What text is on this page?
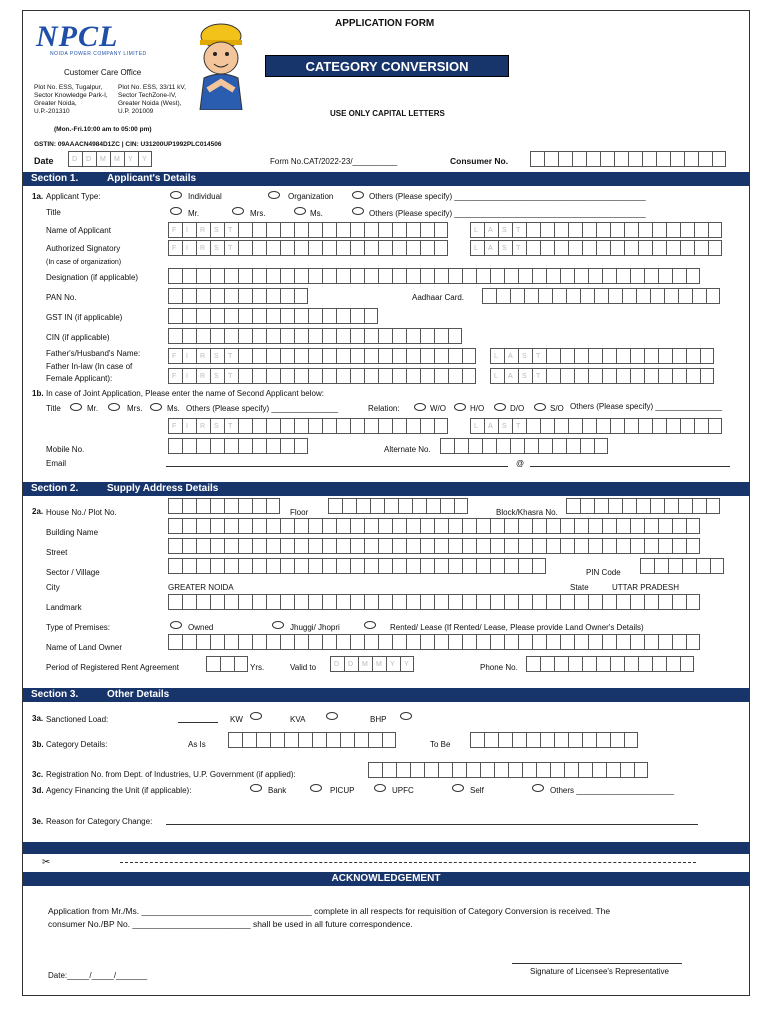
NPCL
NOIDA POWER COMPANY LIMITED
APPLICATION FORM
CATEGORY CONVERSION
Customer Care Office
Plot No. ESS, Tugalpur,
Sector Knowledge Park-I,
Greater Noida,
U.P.-201310
Plot No. ESS, 33/11 kV,
Sector TechZone-IV,
Greater Noida (West),
U.P. 201009	USE ONLY CAPITAL LETTERS
(Mon.-Fri.10:00 am to 05:00 pm)
GSTIN: 09AAACN4984D1ZC | CIN: U31200UP1992PLC014506
Date	D	D	M	M	Y	Y	Form No.CAT/2022-23/__________	Consumer No.
Section 1.	Applicant's Details
1a. Applicant Type:	Individual	Organization	Others (Please specify) ___________________________________________
Title	Mr.	Mrs.	Ms.	Others (Please specify) ___________________________________________
Name of Applicant	F	I	R	S	T	L	A	S	T
Authorized Signatory	F	I	R	S	T	L	A	S	T
(In case of organization)
Designation (if applicable)
PAN No.	Aadhaar Card.
GST IN (if applicable)
CIN (if applicable)
Father's/Husband's Name:	F	I	R	S	T	L	A	S	T
Father In-law (In case of
Female Applicant):	F	I	R	S	T	L	A	S	T
1b. In case of Joint Application, Please enter the name of Second Applicant below:
Title	Mr.	Mrs.	Ms. Others (Please specify) _______________	Relation:	W/O	H/O	D/O	S/O Others (Please specify) _______________
F	I	R	S	T	L	A	S	T
Mobile No.	Alternate No.
Email	@
Section 2.	Supply Address Details
2a. House No./ Plot No.	Floor	Block/Khasra No.
Building Name
Street
Sector / Village	PIN Code
City	GREATER NOIDA	State	UTTAR PRADESH
Landmark
Type of Premises:	Owned	Jhuggi/ Jhopri	Rented/ Lease (If Rented/ Lease, Please provide Land Owner's Details)
Name of Land Owner
Period of Registered Rent Agreement	Yrs.	Valid to	D	D	M	M	Y	Y	Phone No.
Section 3.	Other Details
3a. Sanctioned Load:	KW	KVA	BHP
3b. Category Details:	As Is	To Be
3c. Registration No. from Dept. of Industries, U.P. Government (if applied):
3d. Agency Financing the Unit (if applicable):	Bank	PICUP	UPFC	Self	Others ______________________
3e. Reason for Category Change:
✂
ACKNOWLEDGEMENT
Application from Mr./Ms. ____________________________________ complete in all respects for requisition of Category Conversion is received. The
consumer No./BP No. _________________________ shall be used in all future correspondence.
Signature of Licensee's Representative
Date:_____/_____/_______
